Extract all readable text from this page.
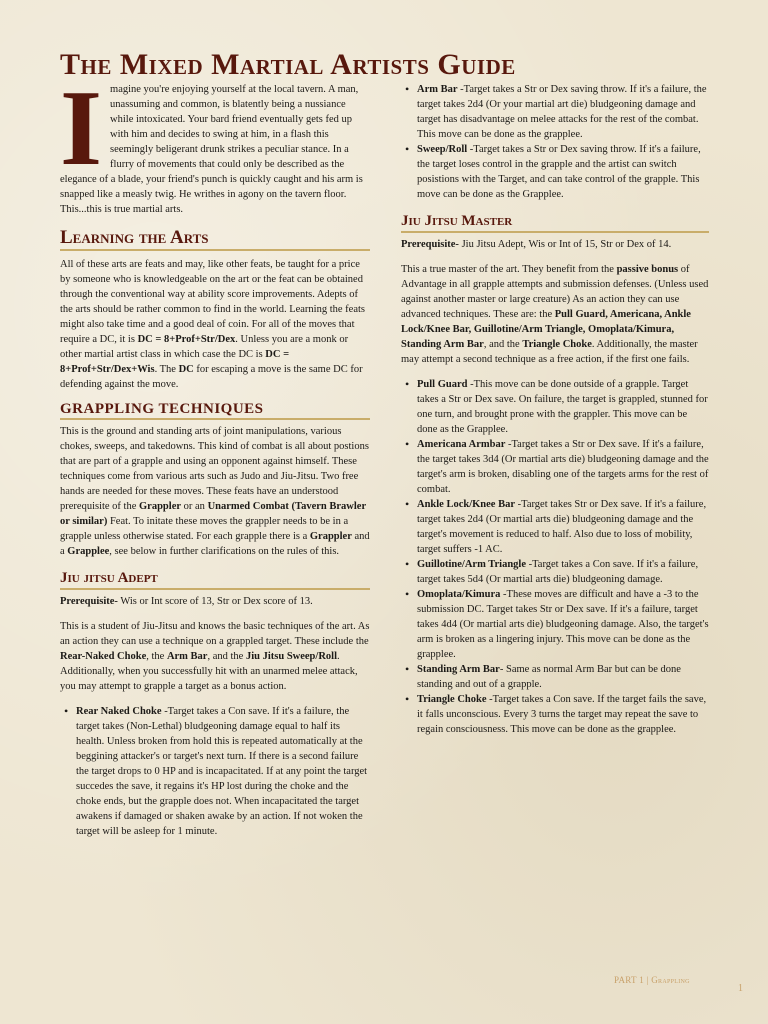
The Mixed Martial Artists Guide

Imagine you're enjoying yourself at the local tavern. A man, unassuming and common, is blatently being a nussiance while intoxicated. Your bard friend eventually gets fed up with him and decides to swing at him, in a flash this seemingly beligerant drunk strikes a peculiar stance. In a flurry of movements that could only be described as the elegance of a blade, your friend's punch is quickly caught and his arm is snapped like a measly twig. He writhes in agony on the tavern floor. This...this is true martial arts.

Learning the Arts

All of these arts are feats and may, like other feats, be taught for a price by someone who is knowledgeable on the art or the feat can be obtained through the conventional way at ability score improvements. Adepts of the arts should be rather common to find in the world. Learning the feats might also take time and a good deal of coin. For all of the moves that require a DC, it is DC = 8+Prof+Str/Dex. Unless you are a monk or other martial artist class in which case the DC is DC = 8+Prof+Str/Dex+Wis. The DC for escaping a move is the same DC for defending against the move.

GRAPPLING TECHNIQUES

This is the ground and standing arts of joint manipulations, various chokes, sweeps, and takedowns. This kind of combat is all about postions that are part of a grapple and using an opponent against himself. These techniques come from various arts such as Judo and Jiu-Jitsu. Two free hands are needed for these moves. These feats have an understood prerequisite of the Grappler or an Unarmed Combat (Tavern Brawler or similar) Feat. To initate these moves the grappler needs to be in a grapple unless otherwise stated. For each grapple there is a Grappler and a Grapplee, see below in further clarifications on the rules of this.

Jiu jitsu Adept

Prerequisite- Wis or Int score of 13, Str or Dex score of 13.

This is a student of Jiu-Jitsu and knows the basic techniques of the art. As an action they can use a technique on a grappled target. These include the Rear-Naked Choke, the Arm Bar, and the Jiu Jitsu Sweep/Roll. Additionally, when you successfully hit with an unarmed melee attack, you may attempt to grapple a target as a bonus action.

• Rear Naked Choke -Target takes a Con save. If it's a failure, the target takes (Non-Lethal) bludgeoning damage equal to half its health. Unless broken from hold this is repeated automatically at the beggining attacker's or target's next turn. If there is a second failure the target drops to 0 HP and is incapacitated. If at any point the target succedes the save, it regains it's HP lost during the choke and the choke ends, but the grapple does not. When incapacitated the target awakens if damaged or shaken awake by an action. If not woken the target will be asleep for 1 minute.
• Arm Bar -Target takes a Str or Dex saving throw. If it's a failure, the target takes 2d4 (Or your martial art die) bludgeoning damage and target has disadvantage on melee attacks for the rest of the combat. This move can be done as the grapplee.
• Sweep/Roll -Target takes a Str or Dex saving throw. If it's a failure, the target loses control in the grapple and the artist can switch posistions with the Target, and can take control of the grapple. This move can be done as the Grapplee.
Jiu Jitsu Master

Prerequisite- Jiu Jitsu Adept, Wis or Int of 15, Str or Dex of 14.

This a true master of the art. They benefit from the passive bonus of Advantage in all grapple attempts and submission defenses. (Unless used against another master or large creature) As an action they can use advanced techniques. These are: the Pull Guard, Americana, Ankle Lock/Knee Bar, Guillotine/Arm Triangle, Omoplata/Kimura, Standing Arm Bar, and the Triangle Choke. Additionally, the master may attempt a second technique as a free action, if the first one fails.

• Pull Guard -This move can be done outside of a grapple. Target takes a Str or Dex save. On failure, the target is grappled, stunned for one turn, and brought prone with the grappler. This move can be done as the Grapplee.
• Americana Armbar -Target takes a Str or Dex save. If it's a failure, the target takes 3d4 (Or martial arts die) bludgeoning damage and the target's arm is broken, disabling one of the targets arms for the rest of combat.
• Ankle Lock/Knee Bar -Target takes Str or Dex save. If it's a failure, target takes 2d4 (Or martial arts die) bludgeoning damage and the target's movement is reduced to half. Also due to loss of mobility, target suffers -1 AC.
• Guillotine/Arm Triangle -Target takes a Con save. If it's a failure, target takes 5d4 (Or martial arts die) bludgeoning damage.
• Omoplata/Kimura -These moves are difficult and have a -3 to the submission DC. Target takes Str or Dex save. If it's a failure, target takes 4d4 (Or martial arts die) bludgeoning damage. Also, the target's arm is broken as a lingering injury. This move can be done as the grapplee.
• Standing Arm Bar- Same as normal Arm Bar but can be done standing and out of a grapple.
• Triangle Choke -Target takes a Con save. If the target fails the save, it falls unconscious. Every 3 turns the target may repeat the save to regain consciousness. This move can be done as the grapplee.
PART 1 | Grappling
1
